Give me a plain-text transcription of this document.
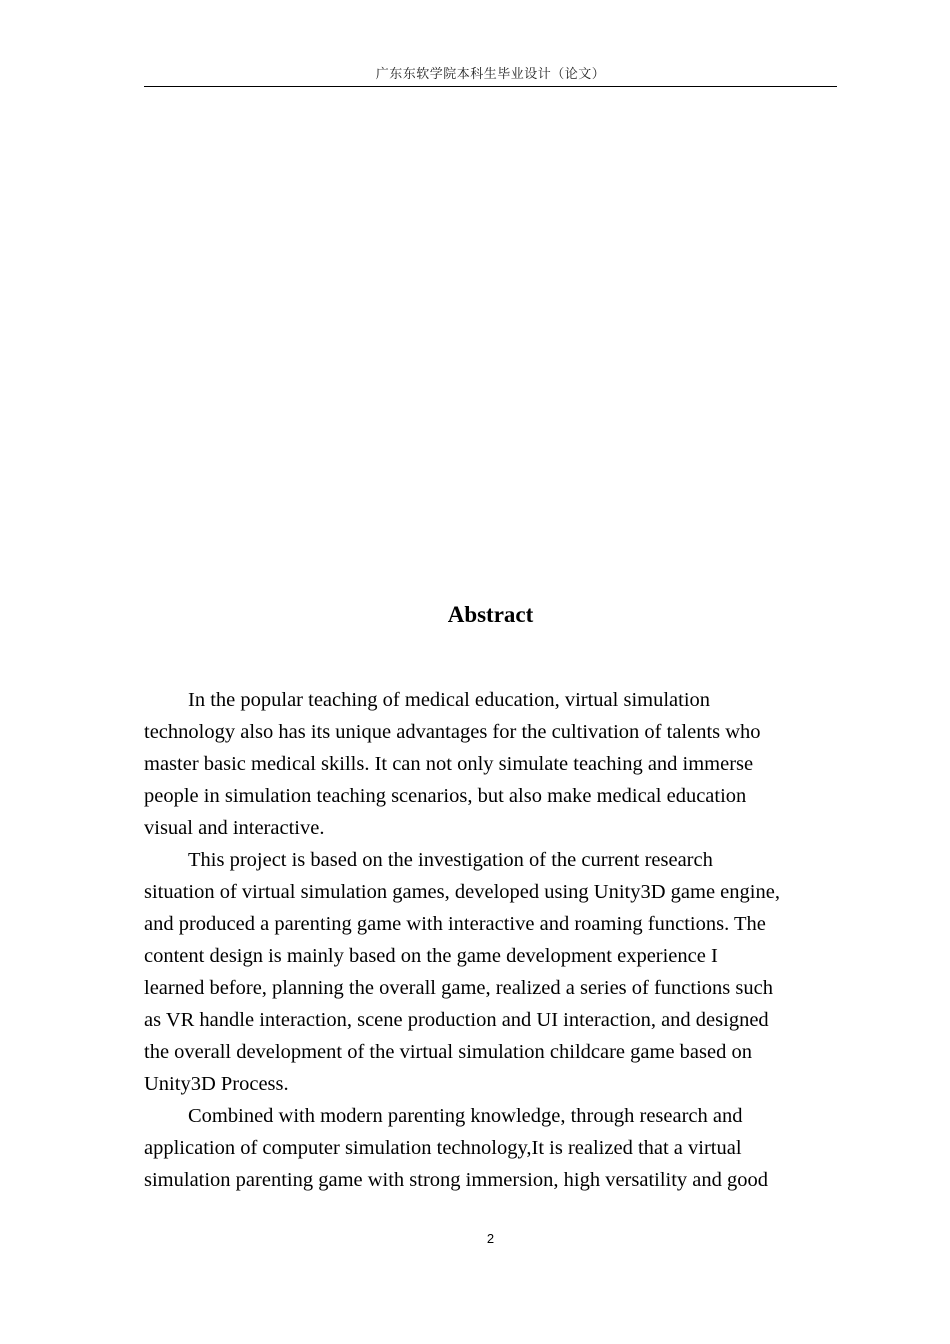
广东东软学院本科生毕业设计（论文）
Abstract

In the popular teaching of medical education, virtual simulation
technology also has its unique advantages for the cultivation of talents who
master basic medical skills. It can not only simulate teaching and immerse
people in simulation teaching scenarios, but also make medical education
visual and interactive.

This project is based on the investigation of the current research
situation of virtual simulation games, developed using Unity3D game engine,
and produced a parenting game with interactive and roaming functions. The
content design is mainly based on the game development experience I
learned before, planning the overall game, realized a series of functions such
as VR handle interaction, scene production and UI interaction, and designed
the overall development of the virtual simulation childcare game based on
Unity3D Process.

Combined with modern parenting knowledge, through research and
application of computer simulation technology,It is realized that a virtual
simulation parenting game with strong immersion, high versatility and good

2
